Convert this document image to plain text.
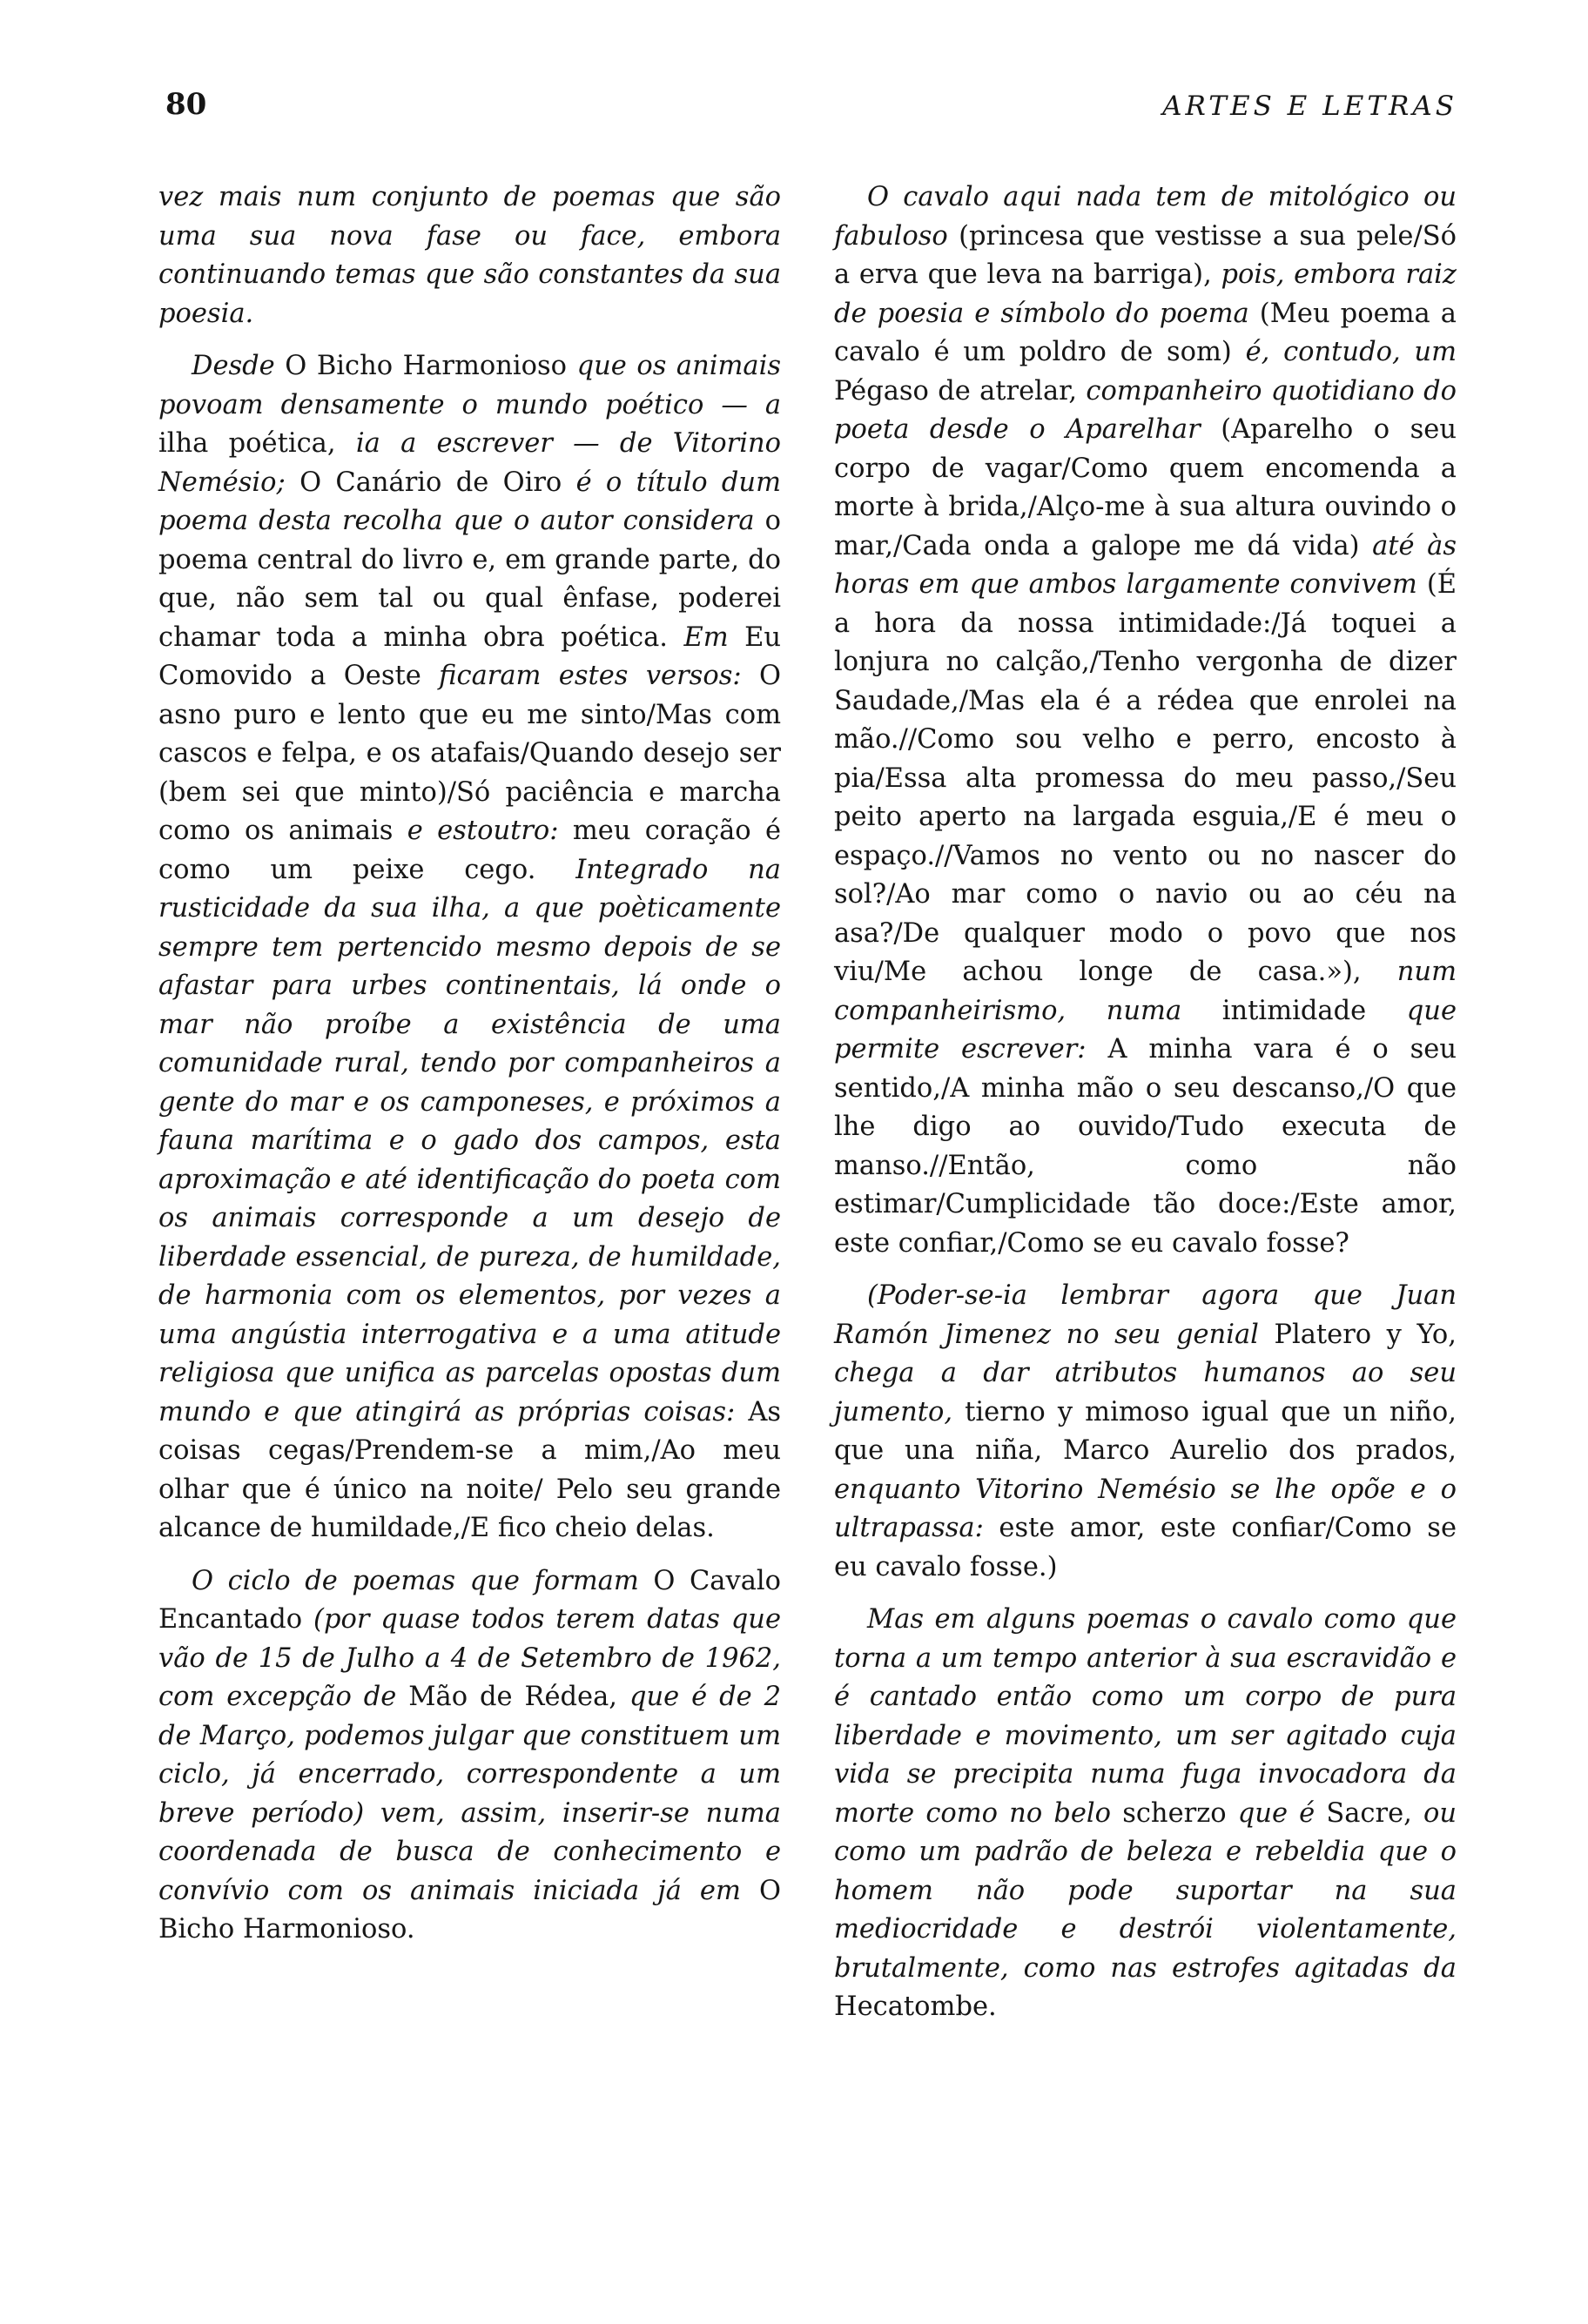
80	ARTES E LETRAS

vez mais num conjunto de poemas que são uma sua nova fase ou face, embora continuando temas que são constantes da sua poesia.

Desde O Bicho Harmonioso que os animais povoam densamente o mundo poético — a ilha poética, ia a escrever — de Vitorino Nemésio; O Canário de Oiro é o título dum poema desta recolha que o autor considera o poema central do livro e, em grande parte, do que, não sem tal ou qual ênfase, poderei chamar toda a minha obra poética. Em Eu Comovido a Oeste ficaram estes versos: O asno puro e lento que eu me sinto/Mas com cascos e felpa, e os atafais/Quando desejo ser (bem sei que minto)/Só paciência e marcha como os animais e estoutro: meu coração é como um peixe cego. Integrado na rusticidade da sua ilha, a que poèticamente sempre tem pertencido mesmo depois de se afastar para urbes continentais, lá onde o mar não proíbe a existência de uma comunidade rural, tendo por companheiros a gente do mar e os camponeses, e próximos a fauna marítima e o gado dos campos, esta aproximação e até identificação do poeta com os animais corresponde a um desejo de liberdade essencial, de pureza, de humildade, de harmonia com os elementos, por vezes a uma angústia interrogativa e a uma atitude religiosa que unifica as parcelas opostas dum mundo e que atingirá as próprias coisas: As coisas cegas/Prendem-se a mim,/Ao meu olhar que é único na noite/ Pelo seu grande alcance de humildade,/E fico cheio delas.

O ciclo de poemas que formam O Cavalo Encantado (por quase todos terem datas que vão de 15 de Julho a 4 de Setembro de 1962, com excepção de Mão de Rédea, que é de 2 de Março, podemos julgar que constituem um ciclo, já encerrado, correspondente a um breve período) vem, assim, inserir-se numa coordenada de busca de conhecimento e convívio com os animais iniciada já em O Bicho Harmonioso.

O cavalo aqui nada tem de mitológico ou fabuloso (princesa que vestisse a sua pele/Só a erva que leva na barriga), pois, embora raiz de poesia e símbolo do poema (Meu poema a cavalo é um poldro de som) é, contudo, um Pégaso de atrelar, companheiro quotidiano do poeta desde o Aparelhar (Aparelho o seu corpo de vagar/Como quem encomenda a morte à brida,/Alço-me à sua altura ouvindo o mar,/Cada onda a galope me dá vida) até às horas em que ambos largamente convivem (É a hora da nossa intimidade:/Já toquei a lonjura no calção,/Tenho vergonha de dizer Saudade,/Mas ela é a rédea que enrolei na mão.//Como sou velho e perro, encosto à pia/Essa alta promessa do meu passo,/Seu peito aperto na largada esguia,/E é meu o espaço.//Vamos no vento ou no nascer do sol?/Ao mar como o navio ou ao céu na asa?/De qualquer modo o povo que nos viu/Me achou longe de casa.»), num companheirismo, numa intimidade que permite escrever: A minha vara é o seu sentido,/A minha mão o seu descanso,/O que lhe digo ao ouvido/Tudo executa de manso.//Então, como não estimar/Cumplicidade tão doce:/Este amor, este confiar,/Como se eu cavalo fosse?

(Poder-se-ia lembrar agora que Juan Ramón Jimenez no seu genial Platero y Yo, chega a dar atributos humanos ao seu jumento, tierno y mimoso igual que un niño, que una niña, Marco Aurelio dos prados, enquanto Vitorino Nemésio se lhe opõe e o ultrapassa: este amor, este confiar/Como se eu cavalo fosse.)

Mas em alguns poemas o cavalo como que torna a um tempo anterior à sua escravidão e é cantado então como um corpo de pura liberdade e movimento, um ser agitado cuja vida se precipita numa fuga invocadora da morte como no belo scherzo que é Sacre, ou como um padrão de beleza e rebeldia que o homem não pode suportar na sua mediocridade e destrói violentamente, brutalmente, como nas estrofes agitadas da Hecatombe.
